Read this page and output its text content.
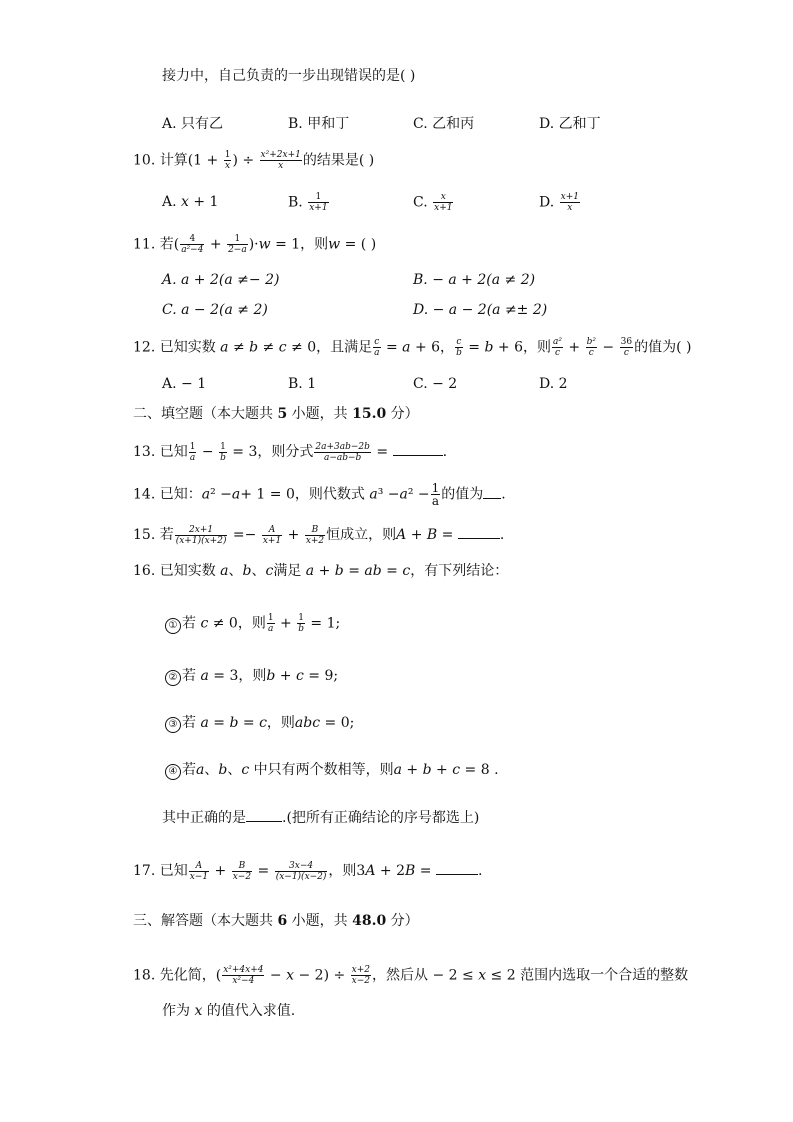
接力中，自己负责的一步出现错误的是( )
A. 只有乙	B. 甲和丁	C. 乙和丙	D. 乙和丁
10. 计算($1 + \frac{1}{x}$ ) ÷ $\frac{\text{x²+2x+1}}{x}$ 的结果是( )
A. x + 1	B. $\frac{1}{x+1}$	C. $\frac{x}{x+1}$	D. $\frac{x+1}{x}$
11. 若( $\frac{4}{\text{a²−4}} + \frac{1}{2-a} )\cdot w = 1$，则w = ( )
A. a + 2(a ≠− 2)	B. − a + 2(a ≠ 2)
C. a − 2(a ≠ 2)	D. − a − 2(a ≠± 2)
12. 已知实数 a ≠ b ≠ c ≠ 0，且满足 $\frac{c}{a} = a + 6$， $\frac{c}{b} = b + 6$，则 $\frac{\text{a²}}{c} + \frac{\text{b²}}{c} - \frac{36}{c}$ 的值为( )
A. − 1	B. 1	C. − 2	D. 2
二、填空题（本大题共 5 小题，共 15.0 分）
13. 已知 $\frac{1}{a} - \frac{1}{b} = 3$，则分式 $\frac{2a+3ab-2b}{a-ab-b}$ =	.
14. 已知：a² −a+ 1 = 0，则代数式 $a^3 -a^2 - \frac{1}{a}$ 的值为 .
15. 若 $\frac{2x+1}{(x+1)(x+2)} =- \frac{A}{x+1} + \frac{B}{x+2}$ 恒成立，则A + B =	.
16. 已知实数 a、b、c满足 a + b = ab = c，有下列结论：
① 若 c ≠ 0，则 $\frac{1}{a} + \frac{1}{b} = 1$;
② 若 a = 3，则b + c = 9;
③ 若 a = b = c，则abc = 0;
④ 若a、b、c 中只有两个数相等，则a + b + c = 8 .
其中正确的是	.(把所有正确结论的序号都选上)
17. 已知 $\frac{A}{x-1} + \frac{B}{x-2} = \frac{3x-4}{(x-1)(x-2)}$ ，则3A + 2B =	.
三、解答题（本大题共 6 小题，共 48.0 分）
18. 先化简，( $\frac{\text{x²+4x+4}}{\text{x²−4}} - x - 2) \div \frac{x+2}{x-2}$ ，然后从 − 2 ≤ x ≤ 2 范围内选取一个合适的整数
作为 x 的值代入求值.
